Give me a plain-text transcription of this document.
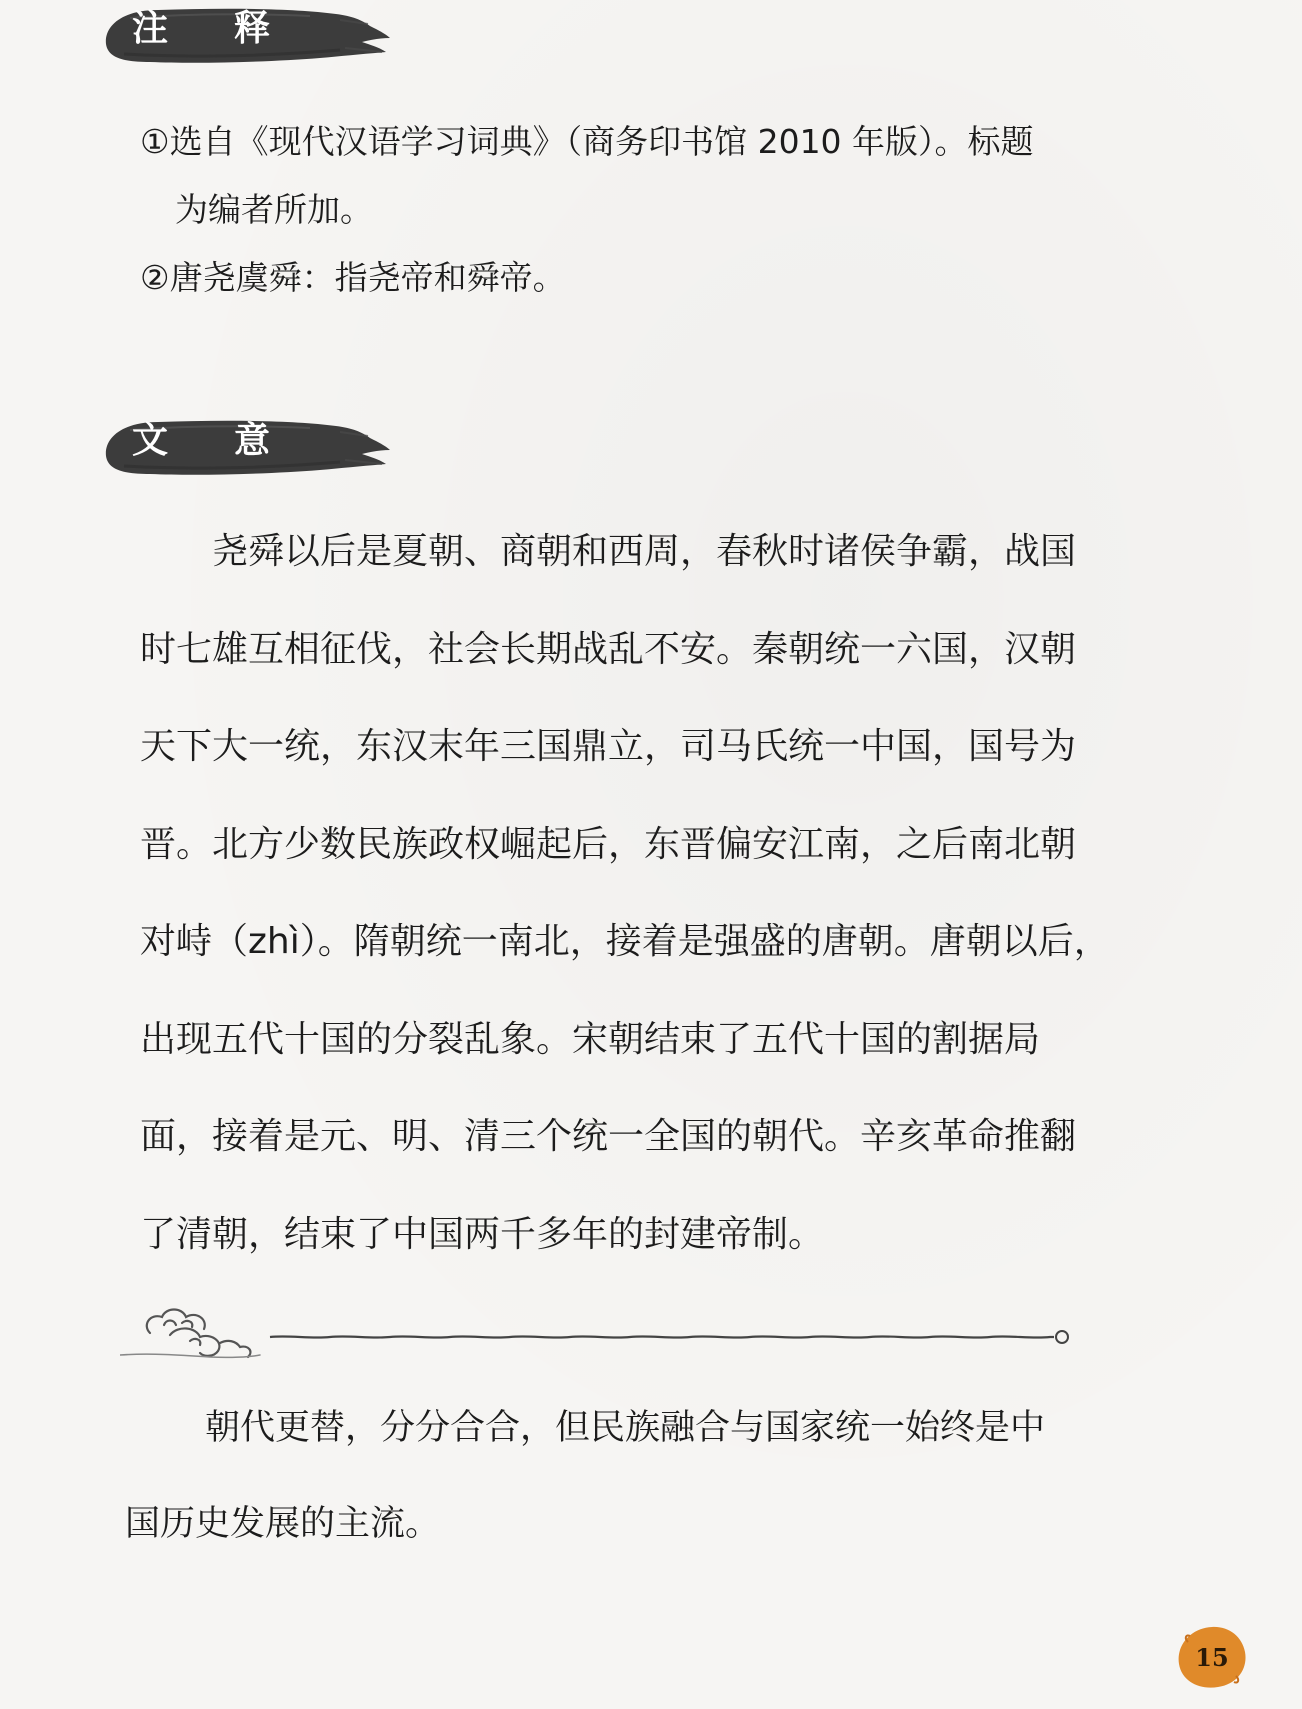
注 释
①选自《现代汉语学习词典》（商务印书馆 2010 年版）。标题
为编者所加。
②唐尧虞舜：指尧帝和舜帝。
文 意
尧舜以后是夏朝、商朝和西周，春秋时诸侯争霸，战国
时七雄互相征伐，社会长期战乱不安。秦朝统一六国，汉朝
天下大一统，东汉末年三国鼎立，司马氏统一中国，国号为
晋。北方少数民族政权崛起后，东晋偏安江南，之后南北朝
对峙（zhì）。隋朝统一南北，接着是强盛的唐朝。唐朝以后，
出现五代十国的分裂乱象。宋朝结束了五代十国的割据局
面，接着是元、明、清三个统一全国的朝代。辛亥革命推翻
了清朝，结束了中国两千多年的封建帝制。
朝代更替，分分合合，但民族融合与国家统一始终是中
国历史发展的主流。
15
